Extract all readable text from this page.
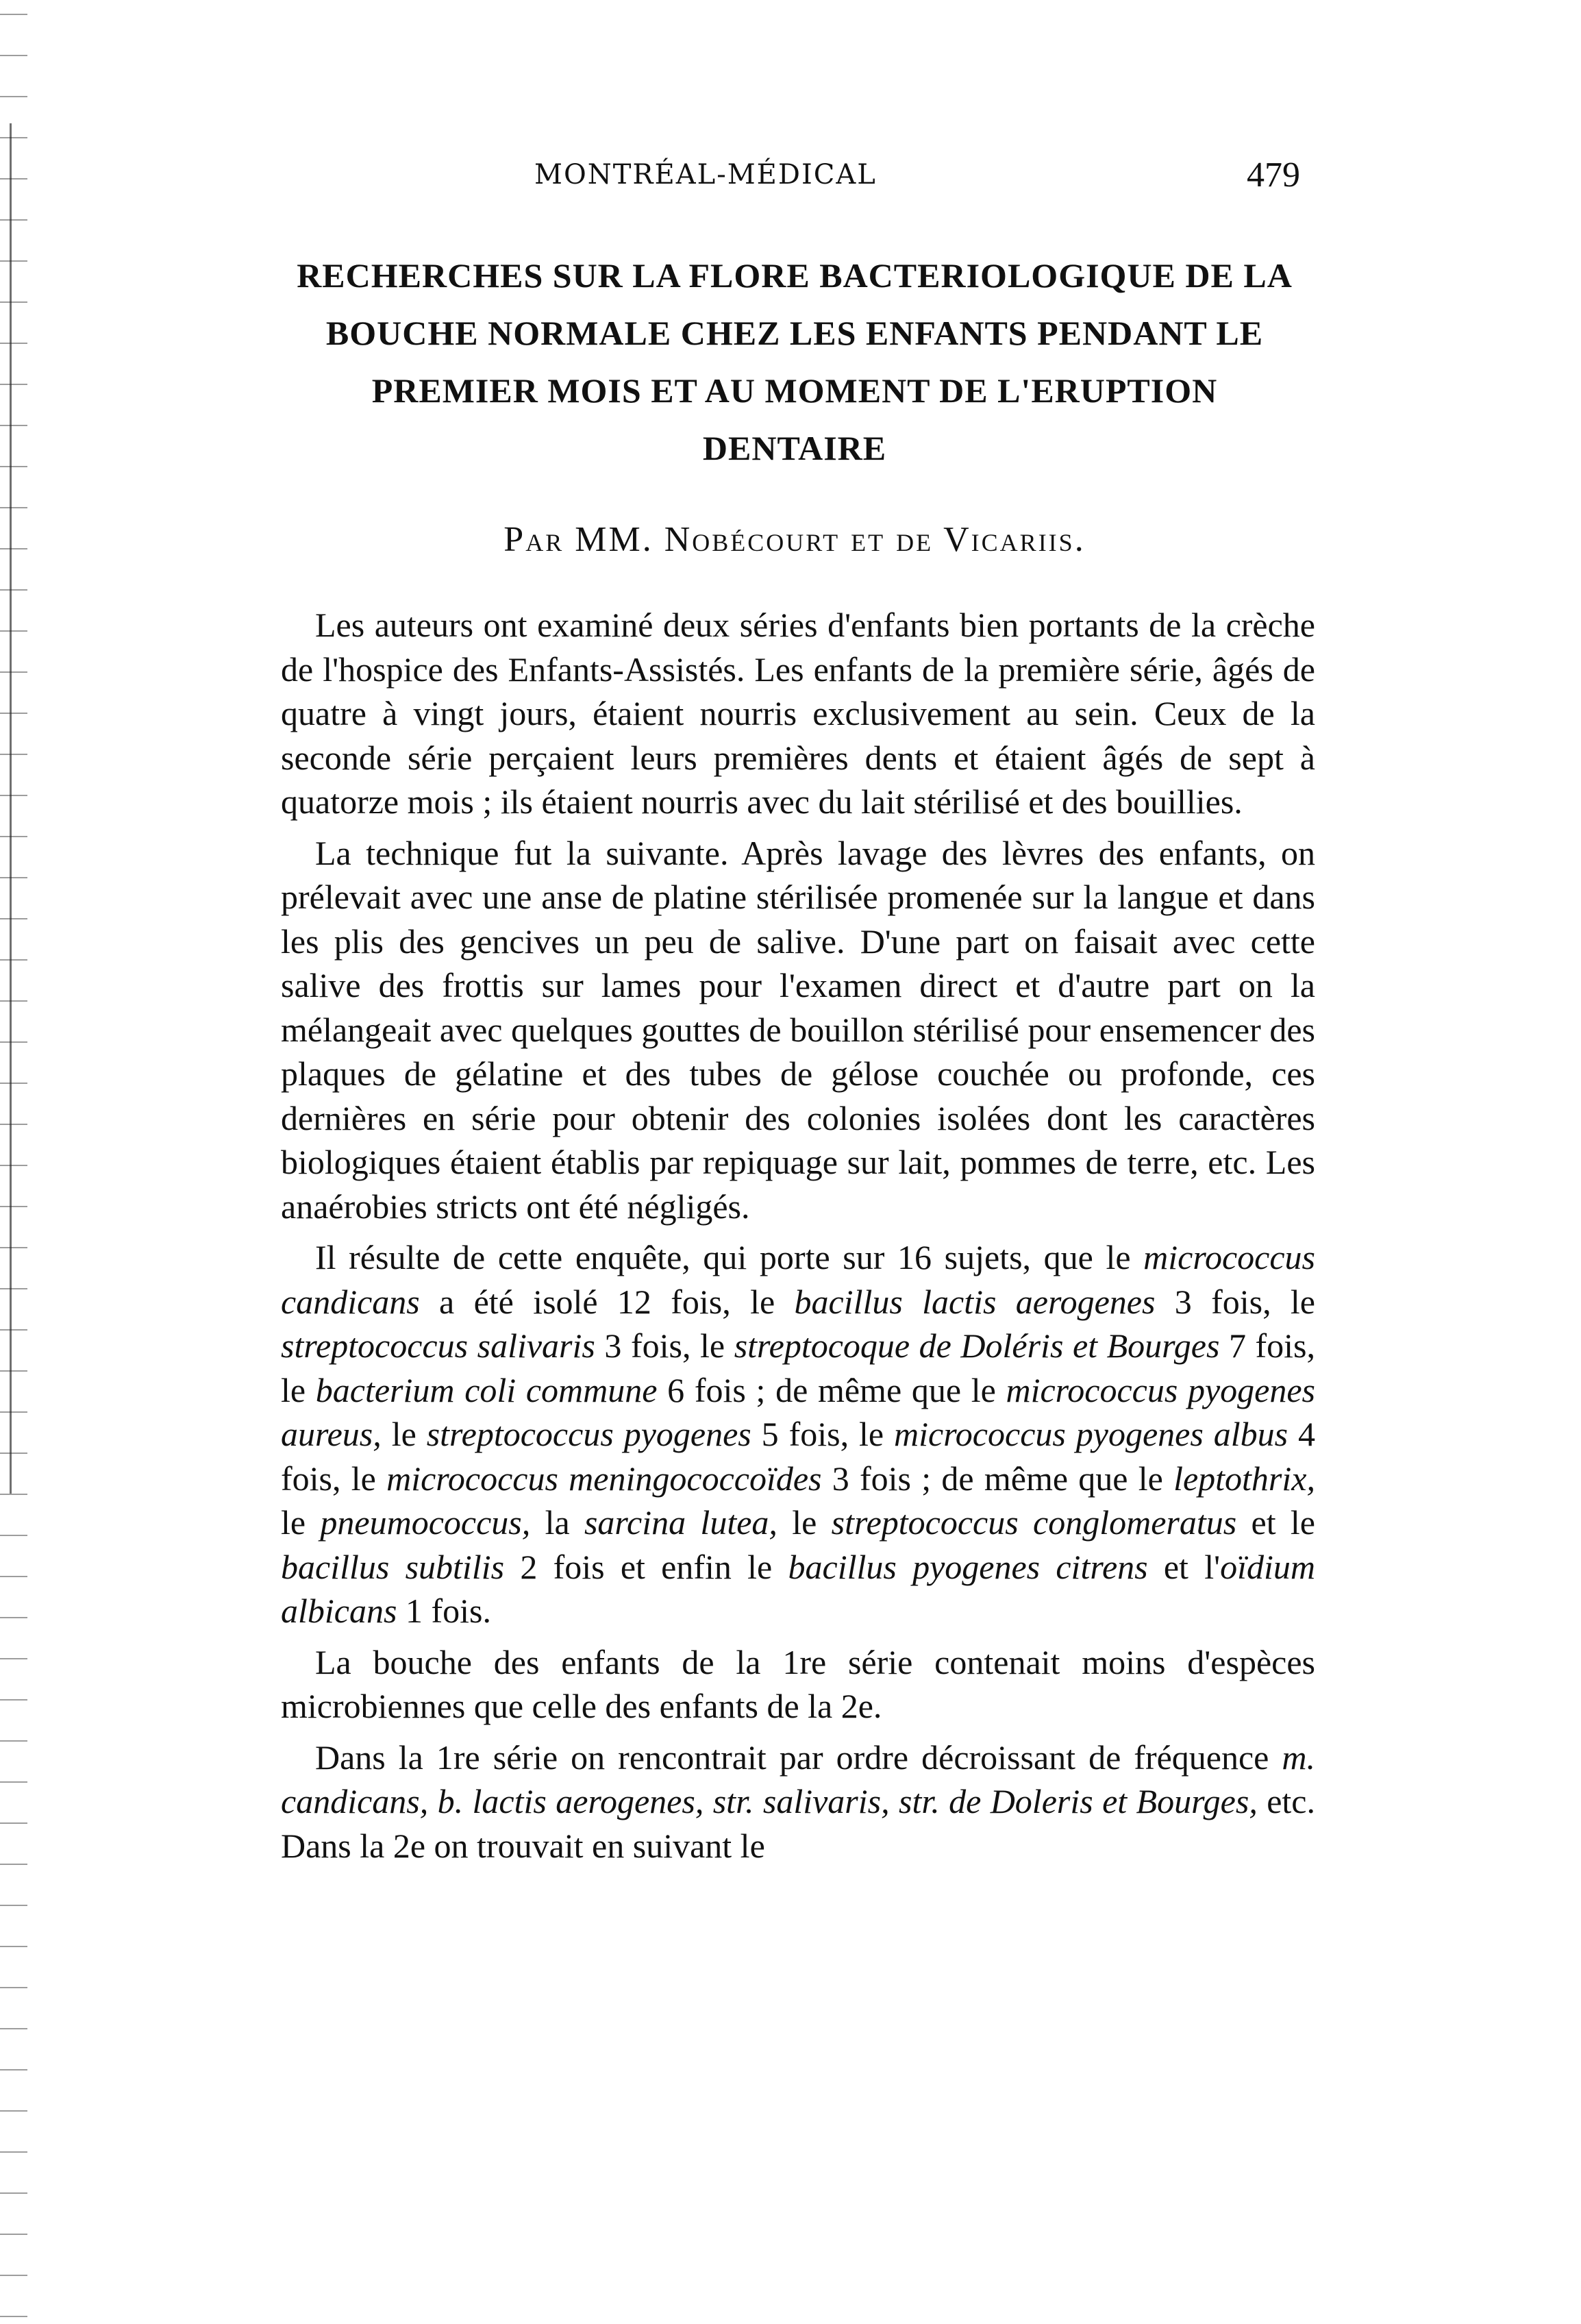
MONTRÉAL-MÉDICAL	479
RECHERCHES SUR LA FLORE BACTERIOLOGIQUE DE LA
BOUCHE NORMALE CHEZ LES ENFANTS PENDANT LE
PREMIER MOIS ET AU MOMENT DE L'ERUPTION
DENTAIRE
Par MM. Nobécourt et de Vicariis.

Les auteurs ont examiné deux séries d'enfants bien portants de la crèche de l'hospice des Enfants-Assistés. Les enfants de la première série, âgés de quatre à vingt jours, étaient nourris exclusivement au sein. Ceux de la seconde série perçaient leurs premières dents et étaient âgés de sept à quatorze mois ; ils étaient nourris avec du lait stérilisé et des bouillies.

La technique fut la suivante. Après lavage des lèvres des enfants, on prélevait avec une anse de platine stérilisée promenée sur la langue et dans les plis des gencives un peu de salive. D'une part on faisait avec cette salive des frottis sur lames pour l'examen direct et d'autre part on la mélangeait avec quelques gouttes de bouillon stérilisé pour ensemencer des plaques de gélatine et des tubes de gélose couchée ou profonde, ces dernières en série pour obtenir des colonies isolées dont les caractères biologiques étaient établis par repiquage sur lait, pommes de terre, etc. Les anaérobies stricts ont été négligés.

Il résulte de cette enquête, qui porte sur 16 sujets, que le micrococcus candicans a été isolé 12 fois, le bacillus lactis aerogenes 3 fois, le streptococcus salivaris 3 fois, le streptocoque de Doléris et Bourges 7 fois, le bacterium coli commune 6 fois ; de même que le micrococcus pyogenes aureus, le streptococcus pyogenes 5 fois, le micrococcus pyogenes albus 4 fois, le micrococcus meningococcoïdes 3 fois ; de même que le leptothrix, le pneumococcus, la sarcina lutea, le streptococcus conglomeratus et le bacillus subtilis 2 fois et enfin le bacillus pyogenes citrens et l'oïdium albicans 1 fois.

La bouche des enfants de la 1re série contenait moins d'espèces microbiennes que celle des enfants de la 2e.

Dans la 1re série on rencontrait par ordre décroissant de fréquence m. candicans, b. lactis aerogenes, str. salivaris, str. de Doleris et Bourges, etc. Dans la 2e on trouvait en suivant le
